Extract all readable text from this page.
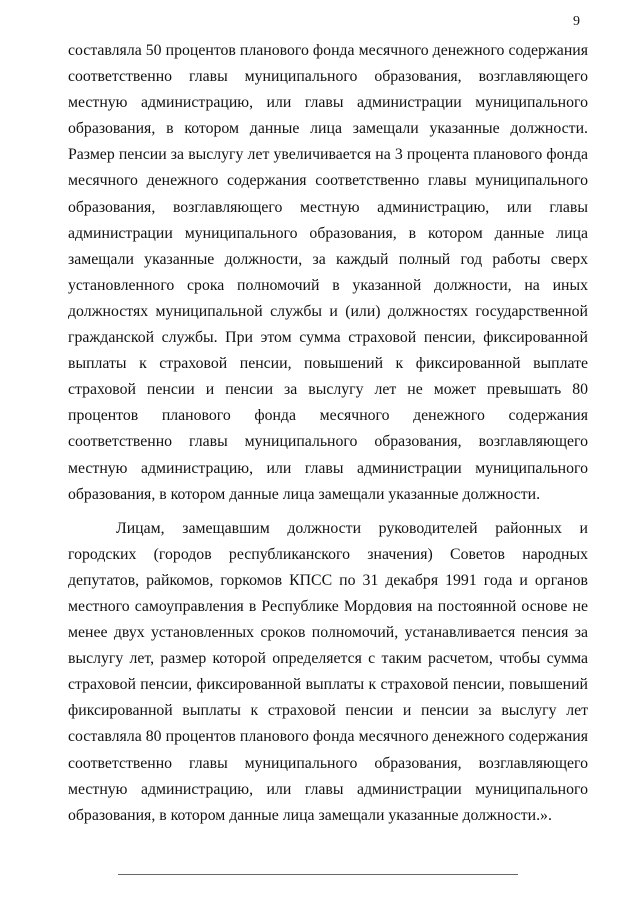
9

составляла 50 процентов планового фонда месячного денежного содержания соответственно главы муниципального образования, возглавляющего местную администрацию, или главы администрации муниципального образования, в котором данные лица замещали указанные должности. Размер пенсии за выслугу лет увеличивается на 3 процента планового фонда месячного денежного содержания соответственно главы муниципального образования, возглавляющего местную администрацию, или главы администрации муниципального образования, в котором данные лица замещали указанные должности, за каждый полный год работы сверх установленного срока полномочий в указанной должности, на иных должностях муниципальной службы и (или) должностях государственной гражданской службы. При этом сумма страховой пенсии, фиксированной выплаты к страховой пенсии, повышений к фиксированной выплате страховой пенсии и пенсии за выслугу лет не может превышать 80 процентов планового фонда месячного денежного содержания соответственно главы муниципального образования, возглавляющего местную администрацию, или главы администрации муниципального образования, в котором данные лица замещали указанные должности.

Лицам, замещавшим должности руководителей районных и городских (городов республиканского значения) Советов народных депутатов, райкомов, горкомов КПСС по 31 декабря 1991 года и органов местного самоуправления в Республике Мордовия на постоянной основе не менее двух установленных сроков полномочий, устанавливается пенсия за выслугу лет, размер которой определяется с таким расчетом, чтобы сумма страховой пенсии, фиксированной выплаты к страховой пенсии, повышений фиксированной выплаты к страховой пенсии и пенсии за выслугу лет составляла 80 процентов планового фонда месячного денежного содержания соответственно главы муниципального образования, возглавляющего местную администрацию, или главы администрации муниципального образования, в котором данные лица замещали указанные должности.».
